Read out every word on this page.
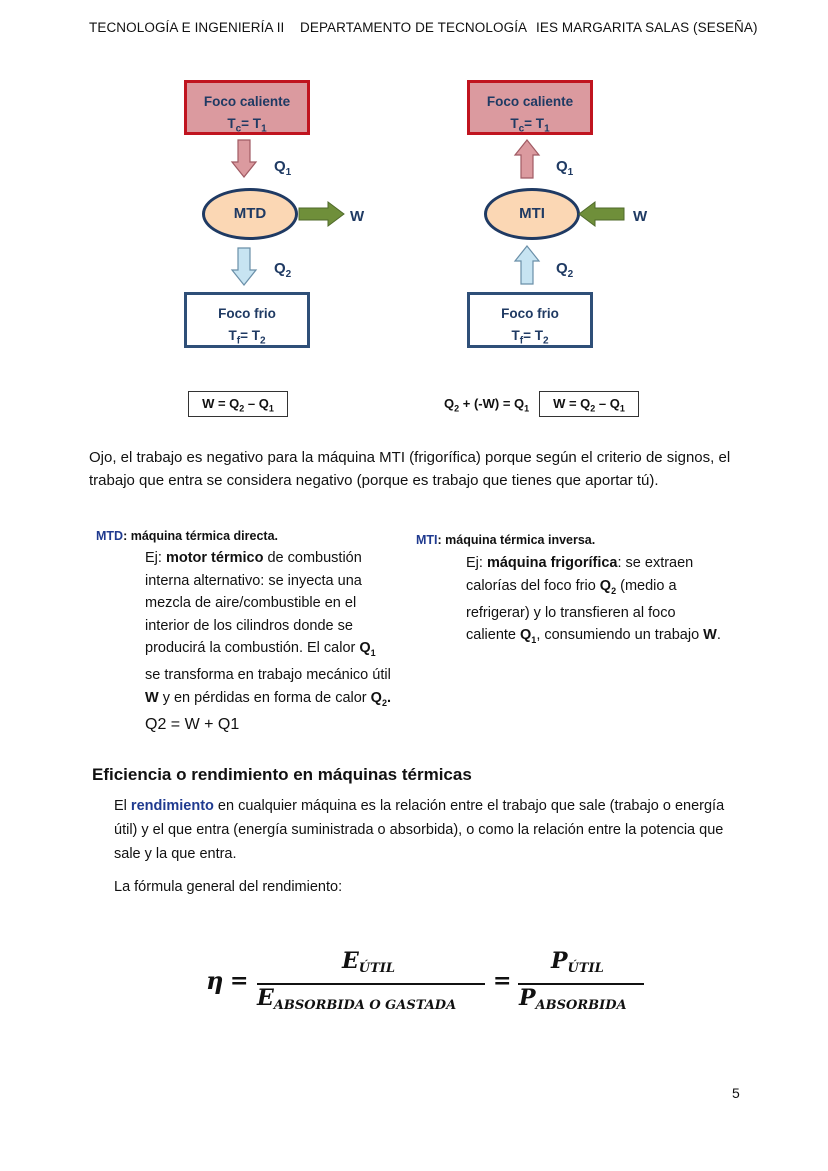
TECNOLOGÍA E INGENIERÍA II DEPARTAMENTO DE TECNOLOGÍA IES MARGARITA SALAS (SESEÑA)
Foco caliente
$T_c= T_1$
$Q_1$
MTD	W
$Q_2$
Foco frio
$T_f= T_2$
$W = Q_2 - Q_1$
Foco caliente
$T_c= T_1$
$Q_1$
MTI	W
$Q_2$
Foco frio
$T_f= T_2$
$Q_2 + (-W) = Q_1$	$W = Q_2 - Q_1$
Ojo, el trabajo es negativo para la máquina MTI (frigorífica) porque según el criterio de signos, el trabajo que entra se considera negativo (porque es trabajo que tienes que aportar tú).
MTD: máquina térmica directa.
Ej: motor térmico de combustión interna alternativo: se inyecta una mezcla de aire/combustible en el interior de los cilindros donde se producirá la combustión. El calor $Q_1$ se transforma en trabajo mecánico útil W y en pérdidas en forma de calor $Q_2$. Q2 = W + Q1
MTI: máquina térmica inversa.
Ej: máquina frigorífica: se extraen calorías del foco frio $Q_2$ (medio a refrigerar) y lo transfieren al foco caliente $Q_1$, consumiendo un trabajo W.
Eficiencia o rendimiento en máquinas térmicas
El rendimiento en cualquier máquina es la relación entre el trabajo que sale (trabajo o energía útil) y el que entra (energía suministrada o absorbida), o como la relación entre la potencia que sale y la que entra.
La fórmula general del rendimiento:
η =
EÚTIL
EABSORBIDA O GASTADA
=
PÚTIL
PABSORBIDA
5
